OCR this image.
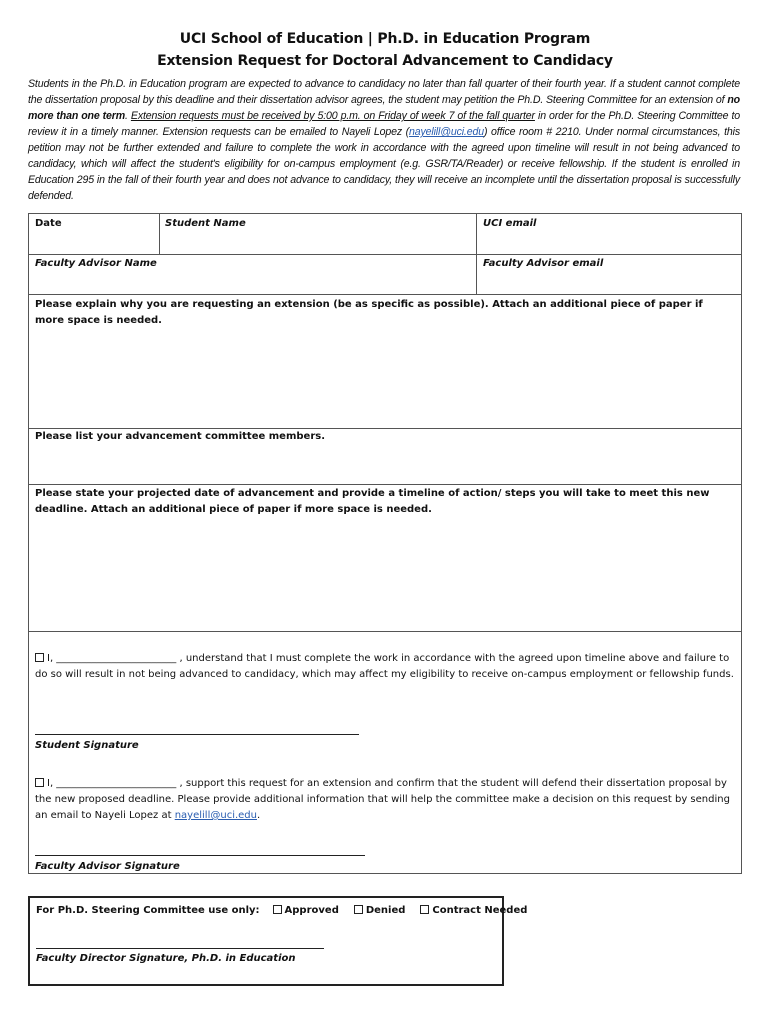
UCI School of Education | Ph.D. in Education Program
Extension Request for Doctoral Advancement to Candidacy
Students in the Ph.D. in Education program are expected to advance to candidacy no later than fall quarter of their fourth year. If a student cannot complete the dissertation proposal by this deadline and their dissertation advisor agrees, the student may petition the Ph.D. Steering Committee for an extension of no more than one term. Extension requests must be received by 5:00 p.m. on Friday of week 7 of the fall quarter in order for the Ph.D. Steering Committee to review it in a timely manner. Extension requests can be emailed to Nayeli Lopez (nayelill@uci.edu) office room # 2210. Under normal circumstances, this petition may not be further extended and failure to complete the work in accordance with the agreed upon timeline will result in not being advanced to candidacy, which will affect the student's eligibility for on-campus employment (e.g. GSR/TA/Reader) or receive fellowship. If the student is enrolled in Education 295 in the fall of their fourth year and does not advance to candidacy, they will receive an incomplete until the dissertation proposal is successfully defended.
Date	Student Name	UCI email
Faculty Advisor Name	Faculty Advisor email
Please explain why you are requesting an extension (be as specific as possible). Attach an additional piece of paper if more space is needed.
Please list your advancement committee members.
Please state your projected date of advancement and provide a timeline of action/ steps you will take to meet this new deadline. Attach an additional piece of paper if more space is needed.
I, ________________________ , understand that I must complete the work in accordance with the agreed upon timeline above and failure to do so will result in not being advanced to candidacy, which may affect my eligibility to receive on-campus employment or fellowship funds.
Student Signature
I, ________________________ , support this request for an extension and confirm that the student will defend their dissertation proposal by the new proposed deadline. Please provide additional information that will help the committee make a decision on this request by sending an email to Nayeli Lopez at nayelill@uci.edu.
Faculty Advisor Signature
For Ph.D. Steering Committee use only: Approved	Denied	Contract Needed
Faculty Director Signature, Ph.D. in Education
